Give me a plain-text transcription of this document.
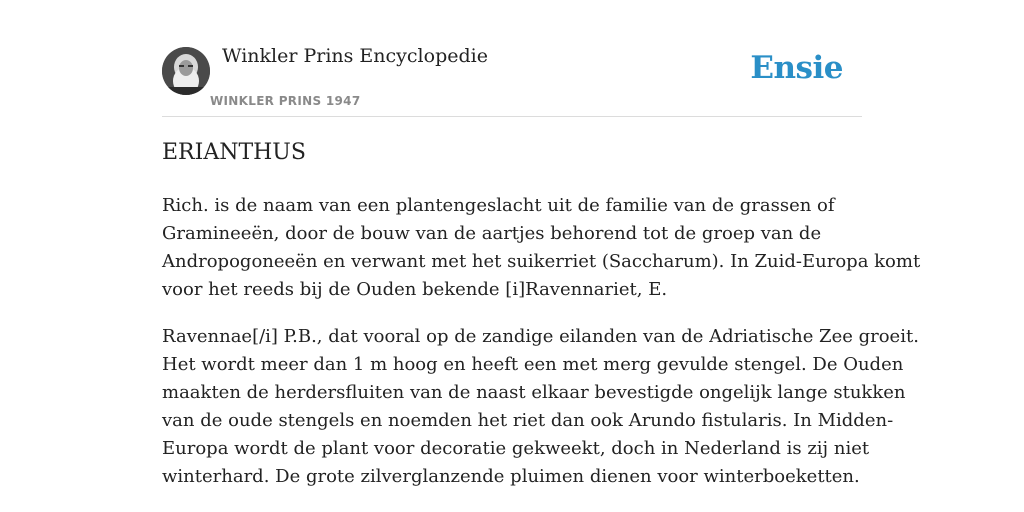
Winkler Prins Encyclopedie
WINKLER PRINS 1947
Ensie
ERIANTHUS

Rich. is de naam van een plantengeslacht uit de familie van de grassen of
Gramineeën, door de bouw van de aartjes behorend tot de groep van de
Andropogoneeën en verwant met het suikerriet (Saccharum). In Zuid-Europa komt
voor het reeds bij de Ouden bekende [i]Ravennariet, E.

Ravennae[/i] P.B., dat vooral op de zandige eilanden van de Adriatische Zee groeit.
Het wordt meer dan 1 m hoog en heeft een met merg gevulde stengel. De Ouden
maakten de herdersfluiten van de naast elkaar bevestigde ongelijk lange stukken
van de oude stengels en noemden het riet dan ook Arundo fistularis. In Midden-
Europa wordt de plant voor decoratie gekweekt, doch in Nederland is zij niet
winterhard. De grote zilverglanzende pluimen dienen voor winterboeketten.
